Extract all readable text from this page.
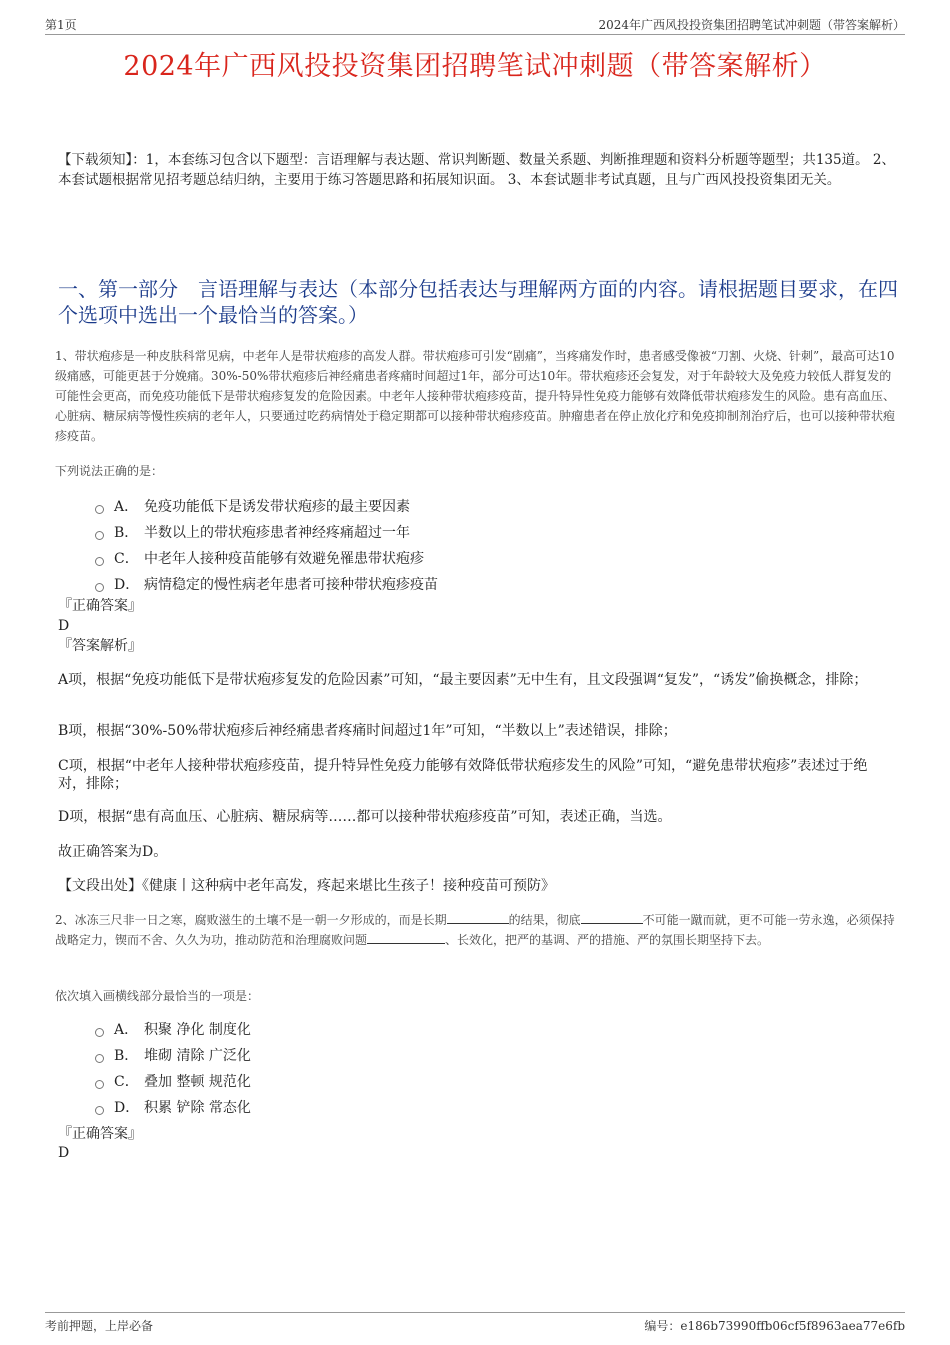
第1页	2024年广西风投投资集团招聘笔试冲刺题（带答案解析）
2024年广西风投投资集团招聘笔试冲刺题（带答案解析）
【下载须知】：1，本套练习包含以下题型：言语理解与表达题、常识判断题、数量关系题、判断推理题和资料分析题等题型；共135道。 2、本套试题根据常见招考题总结归纳，主要用于练习答题思路和拓展知识面。 3、本套试题非考试真题，且与广西风投投资集团无关。
一、第一部分　言语理解与表达（本部分包括表达与理解两方面的内容。请根据题目要求，在四个选项中选出一个最恰当的答案。）
1、带状疱疹是一种皮肤科常见病，中老年人是带状疱疹的高发人群。带状疱疹可引发“剧痛”，当疼痛发作时，患者感受像被“刀割、火烧、针刺”，最高可达10级痛感，可能更甚于分娩痛。30%-50%带状疱疹后神经痛患者疼痛时间超过1年，部分可达10年。带状疱疹还会复发，对于年龄较大及免疫力较低人群复发的可能性会更高，而免疫功能低下是带状疱疹复发的危险因素。中老年人接种带状疱疹疫苗，提升特异性免疫力能够有效降低带状疱疹发生的风险。患有高血压、心脏病、糖尿病等慢性疾病的老年人，只要通过吃药病情处于稳定期都可以接种带状疱疹疫苗。肿瘤患者在停止放化疗和免疫抑制剂治疗后，也可以接种带状疱疹疫苗。
下列说法正确的是：
A． 免疫功能低下是诱发带状疱疹的最主要因素
B． 半数以上的带状疱疹患者神经疼痛超过一年
C． 中老年人接种疫苗能够有效避免罹患带状疱疹
D． 病情稳定的慢性病老年患者可接种带状疱疹疫苗
『正确答案』
D
『答案解析』
A项，根据“免疫功能低下是带状疱疹复发的危险因素”可知，“最主要因素”无中生有，且文段强调“复发”，“诱发”偷换概念，排除；
B项，根据“30%-50%带状疱疹后神经痛患者疼痛时间超过1年”可知，“半数以上”表述错误，排除；
C项，根据“中老年人接种带状疱疹疫苗，提升特异性免疫力能够有效降低带状疱疹发生的风险”可知，“避免患带状疱疹”表述过于绝对，排除；
D项，根据“患有高血压、心脏病、糖尿病等……都可以接种带状疱疹疫苗”可知，表述正确，当选。
故正确答案为D。
【文段出处】《健康丨这种病中老年高发，疼起来堪比生孩子！接种疫苗可预防》
2、冰冻三尺非一日之寒，腐败滋生的土壤不是一朝一夕形成的，而是长期	的结果，彻底	不可能一蹴而就，更不可能一劳永逸，必须保持战略定力，锲而不舍、久久为功，推动防范和治理腐败问题	、长效化，把严的基调、严的措施、严的氛围长期坚持下去。
依次填入画横线部分最恰当的一项是：
A． 积聚 净化 制度化
B． 堆砌 清除 广泛化
C． 叠加 整顿 规范化
D． 积累 铲除 常态化
『正确答案』
D
考前押题，上岸必备	编号：e186b73990ffb06cf5f8963aea77e6fb
